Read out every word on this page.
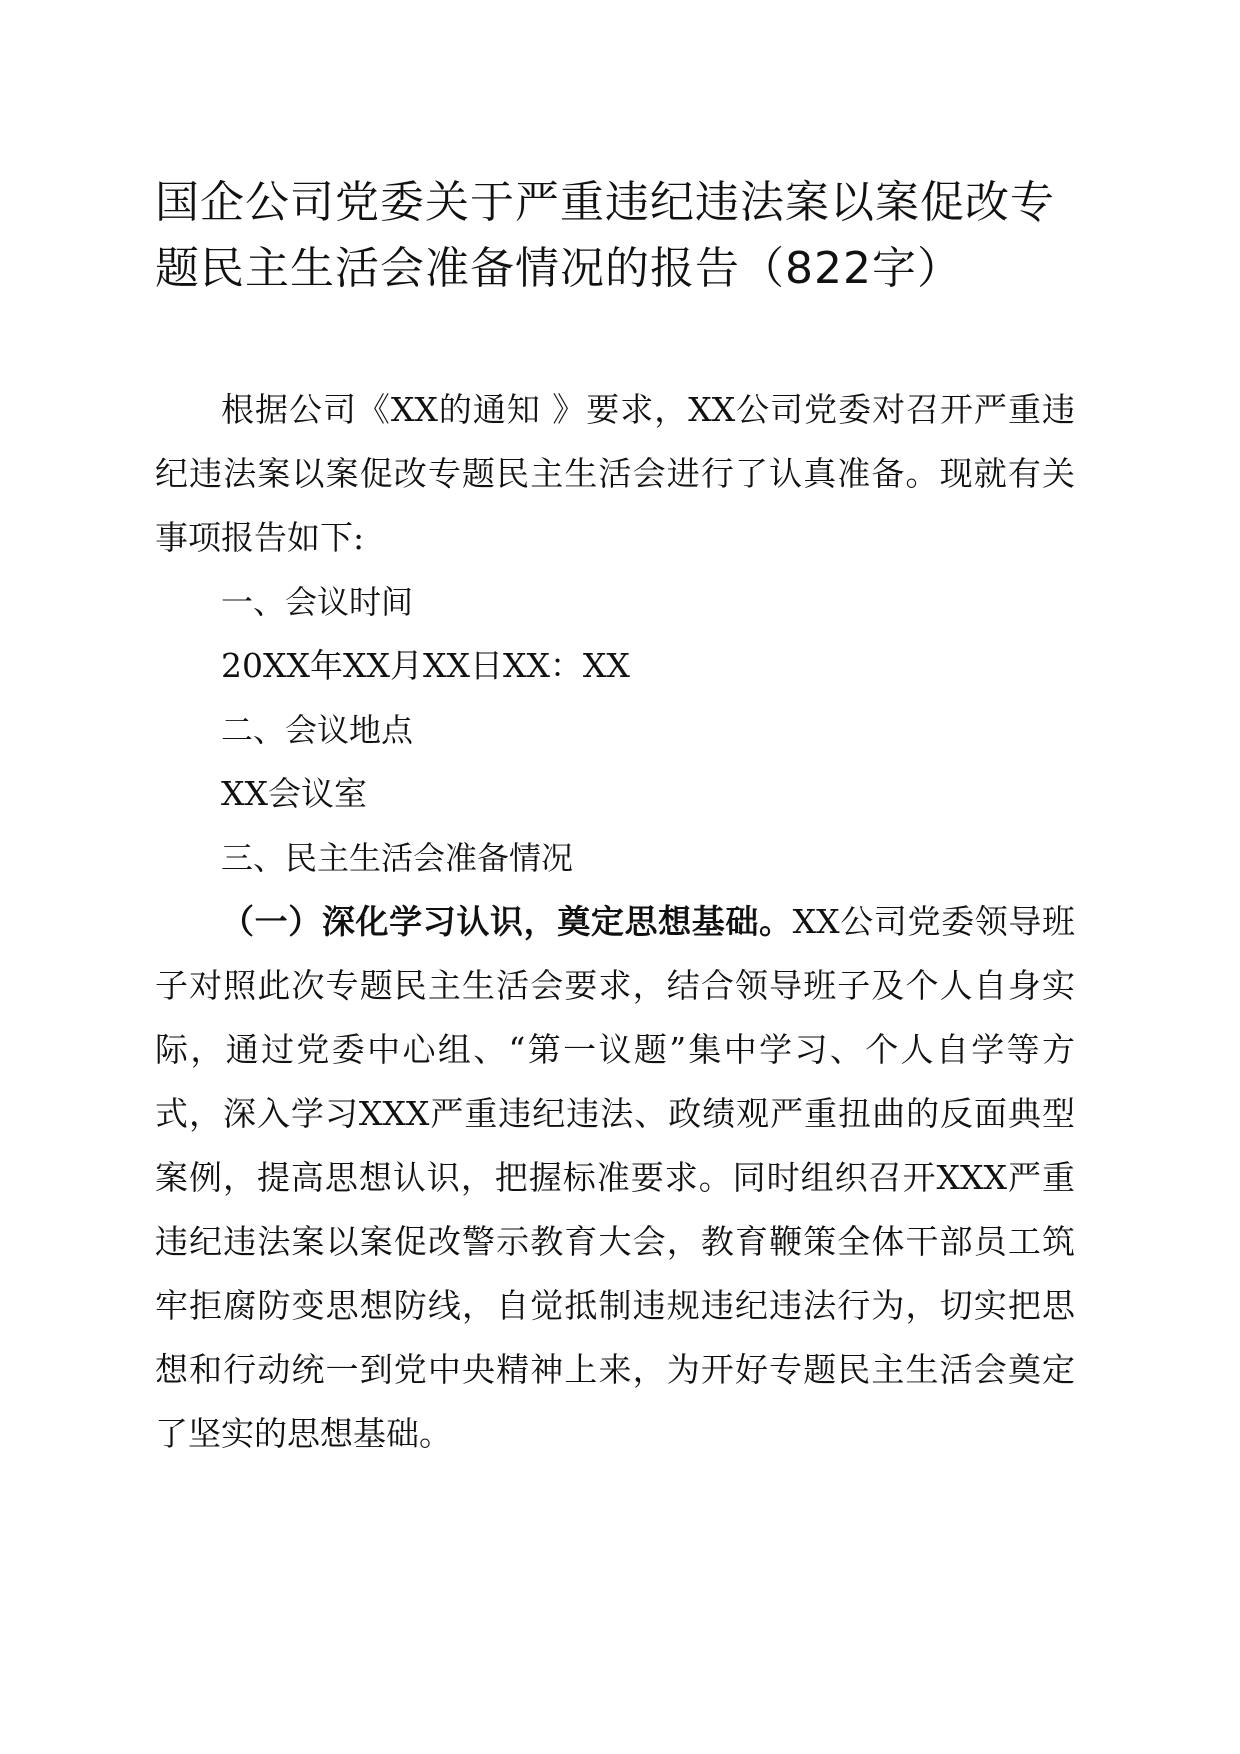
国企公司党委关于严重违纪违法案以案促改专题民主生活会准备情况的报告（822字）

根据公司《XX的通知 》要求，XX公司党委对召开严重违纪违法案以案促改专题民主生活会进行了认真准备。现就有关事项报告如下:

一、会议时间

20XX年XX月XX日XX：XX

二、会议地点

XX会议室

三、民主生活会准备情况

（一）深化学习认识，奠定思想基础。XX公司党委领导班子对照此次专题民主生活会要求，结合领导班子及个人自身实际，通过党委中心组、“第一议题”集中学习、个人自学等方式，深入学习XXX严重违纪违法、政绩观严重扭曲的反面典型案例，提高思想认识，把握标准要求。同时组织召开XXX严重违纪违法案以案促改警示教育大会，教育鞭策全体干部员工筑牢拒腐防变思想防线，自觉抵制违规违纪违法行为，切实把思想和行动统一到党中央精神上来，为开好专题民主生活会奠定了坚实的思想基础。
